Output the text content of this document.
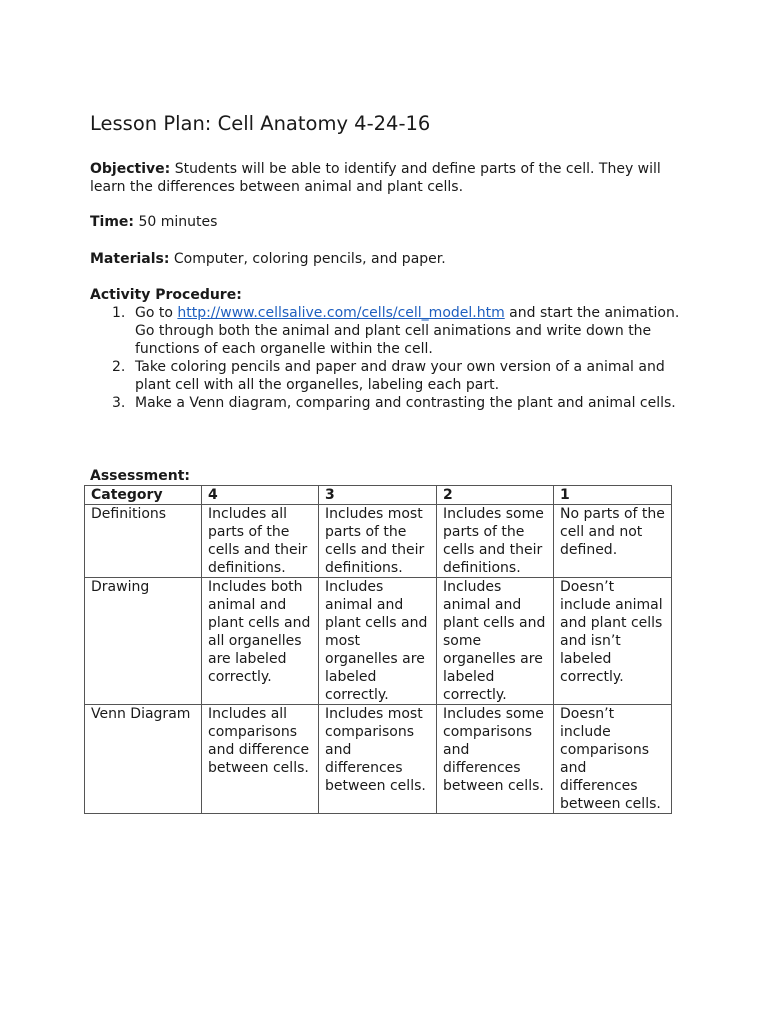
Lesson Plan: Cell Anatomy 4-24-16
Objective: Students will be able to identify and define parts of the cell. They will learn the differences between animal and plant cells.
Time: 50 minutes
Materials: Computer, coloring pencils, and paper.
Activity Procedure:
1. Go to http://www.cellsalive.com/cells/cell_model.htm and start the animation. Go through both the animal and plant cell animations and write down the functions of each organelle within the cell.
2. Take coloring pencils and paper and draw your own version of a animal and plant cell with all the organelles, labeling each part.
3. Make a Venn diagram, comparing and contrasting the plant and animal cells.
Assessment:
Category	4	3	2	1
Definitions	Includes all parts of the cells and their definitions.	Includes most parts of the cells and their definitions.	Includes some parts of the cells and their definitions.	No parts of the cell and not defined.
Drawing	Includes both animal and plant cells and all organelles are labeled correctly.	Includes animal and plant cells and most organelles are labeled correctly.	Includes animal and plant cells and some organelles are labeled correctly.	Doesn’t include animal and plant cells and isn’t labeled correctly.
Venn Diagram	Includes all comparisons and difference between cells.	Includes most comparisons and differences between cells.	Includes some comparisons and differences between cells.	Doesn’t include comparisons and differences between cells.
